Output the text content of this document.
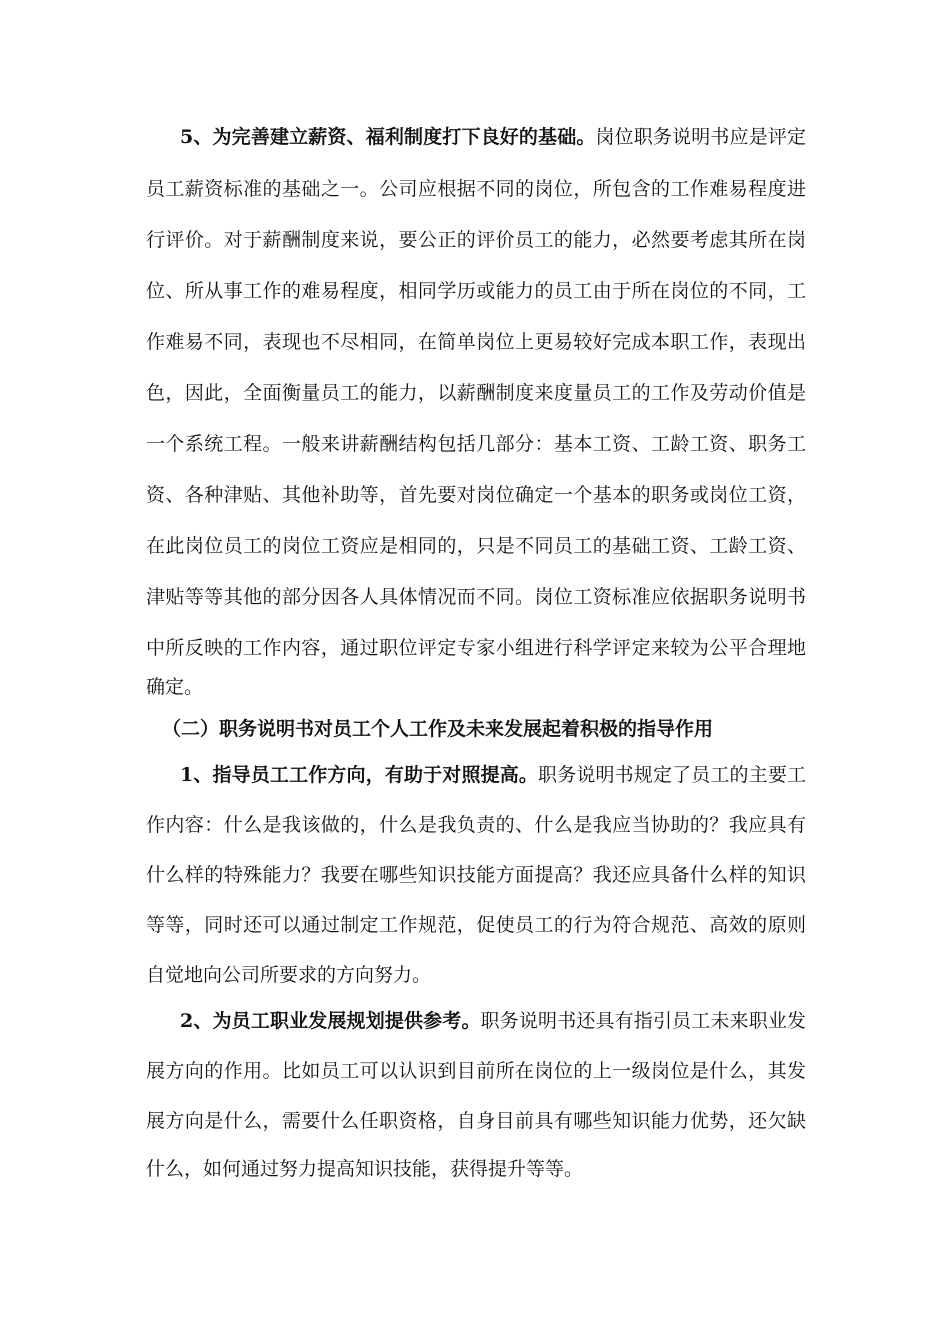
5、为完善建立薪资、福利制度打下良好的基础。岗位职务说明书应是评定
员工薪资标准的基础之一。公司应根据不同的岗位，所包含的工作难易程度进
行评价。对于薪酬制度来说，要公正的评价员工的能力，必然要考虑其所在岗
位、所从事工作的难易程度，相同学历或能力的员工由于所在岗位的不同，工
作难易不同，表现也不尽相同，在简单岗位上更易较好完成本职工作，表现出
色，因此，全面衡量员工的能力，以薪酬制度来度量员工的工作及劳动价值是
一个系统工程。一般来讲薪酬结构包括几部分：基本工资、工龄工资、职务工
资、各种津贴、其他补助等，首先要对岗位确定一个基本的职务或岗位工资，
在此岗位员工的岗位工资应是相同的，只是不同员工的基础工资、工龄工资、
津贴等等其他的部分因各人具体情况而不同。岗位工资标准应依据职务说明书
中所反映的工作内容，通过职位评定专家小组进行科学评定来较为公平合理地
确定。
（二）职务说明书对员工个人工作及未来发展起着积极的指导作用
1、指导员工工作方向，有助于对照提高。职务说明书规定了员工的主要工
作内容：什么是我该做的，什么是我负责的、什么是我应当协助的？我应具有
什么样的特殊能力？我要在哪些知识技能方面提高？我还应具备什么样的知识
等等，同时还可以通过制定工作规范，促使员工的行为符合规范、高效的原则
自觉地向公司所要求的方向努力。
2、为员工职业发展规划提供参考。职务说明书还具有指引员工未来职业发
展方向的作用。比如员工可以认识到目前所在岗位的上一级岗位是什么，其发
展方向是什么，需要什么任职资格，自身目前具有哪些知识能力优势，还欠缺
什么，如何通过努力提高知识技能，获得提升等等。
